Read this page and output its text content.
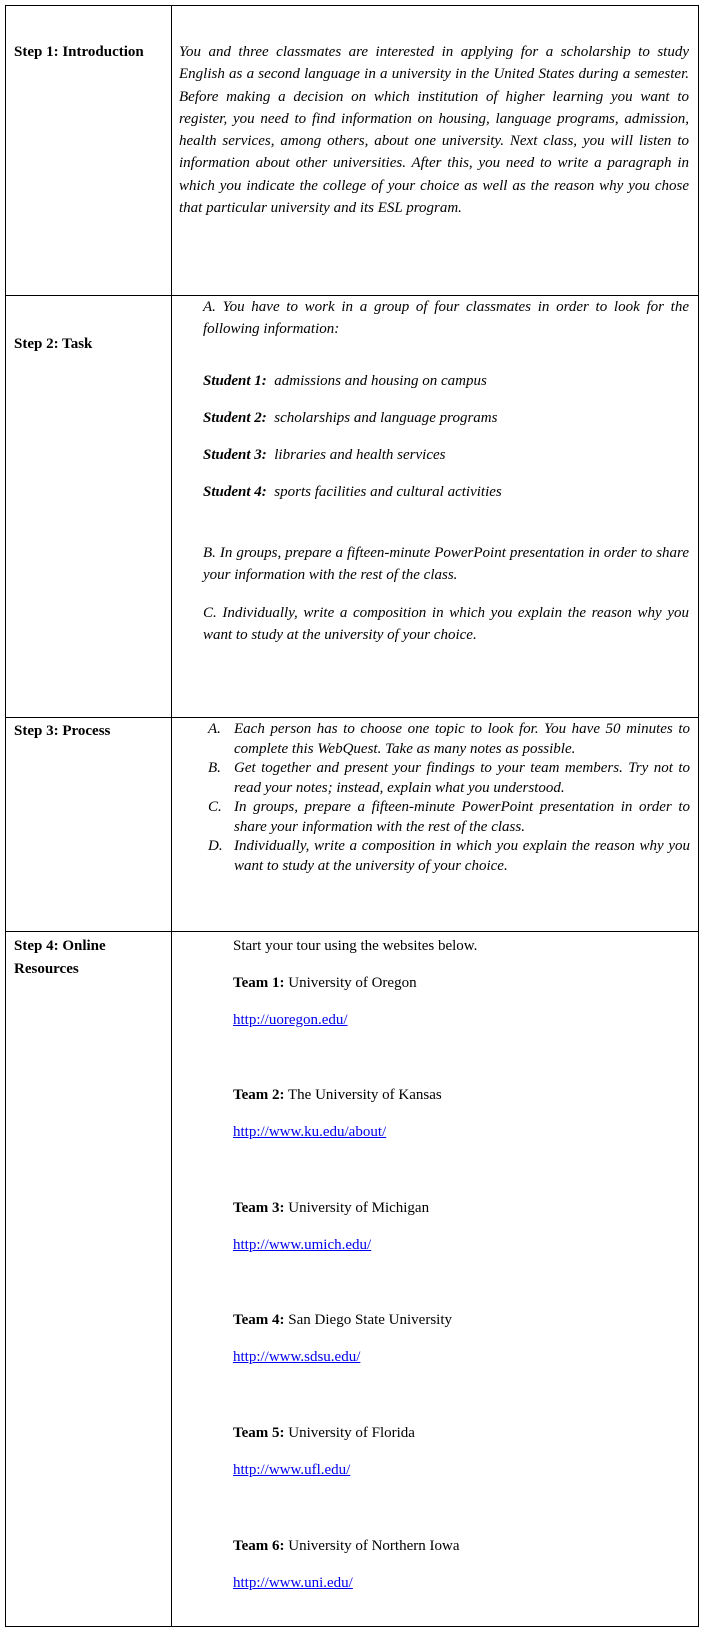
Step 1: Introduction You and three classmates are interested in applying for a scholarship to study English as a second language in a university in the United States during a semester. Before making a decision on which institution of higher learning you want to register, you need to find information on housing, language programs, admission, health services, among others, about one university. Next class, you will listen to information about other universities. After this, you need to write a paragraph in which you indicate the college of your choice as well as the reason why you chose that particular university and its ESL program.
Step 2: Task
A. You have to work in a group of four classmates in order to look for the following information:
Student 1: admissions and housing on campus
Student 2: scholarships and language programs
Student 3: libraries and health services
Student 4: sports facilities and cultural activities
B. In groups, prepare a fifteen-minute PowerPoint presentation in order to share your information with the rest of the class.
C. Individually, write a composition in which you explain the reason why you want to study at the university of your choice.
Step 3: Process	A. Each person has to choose one topic to look for. You have 50 minutes to complete this WebQuest. Take as many notes as possible.
B. Get together and present your findings to your team members. Try not to read your notes; instead, explain what you understood.
C. In groups, prepare a fifteen-minute PowerPoint presentation in order to share your information with the rest of the class.
D. Individually, write a composition in which you explain the reason why you want to study at the university of your choice.
Step 4: Online
Resources
Start your tour using the websites below.
Team 1: University of Oregon
http://uoregon.edu/
Team 2: The University of Kansas
http://www.ku.edu/about/
Team 3: University of Michigan
http://www.umich.edu/
Team 4: San Diego State University
http://www.sdsu.edu/
Team 5: University of Florida
http://www.ufl.edu/
Team 6: University of Northern Iowa
http://www.uni.edu/
